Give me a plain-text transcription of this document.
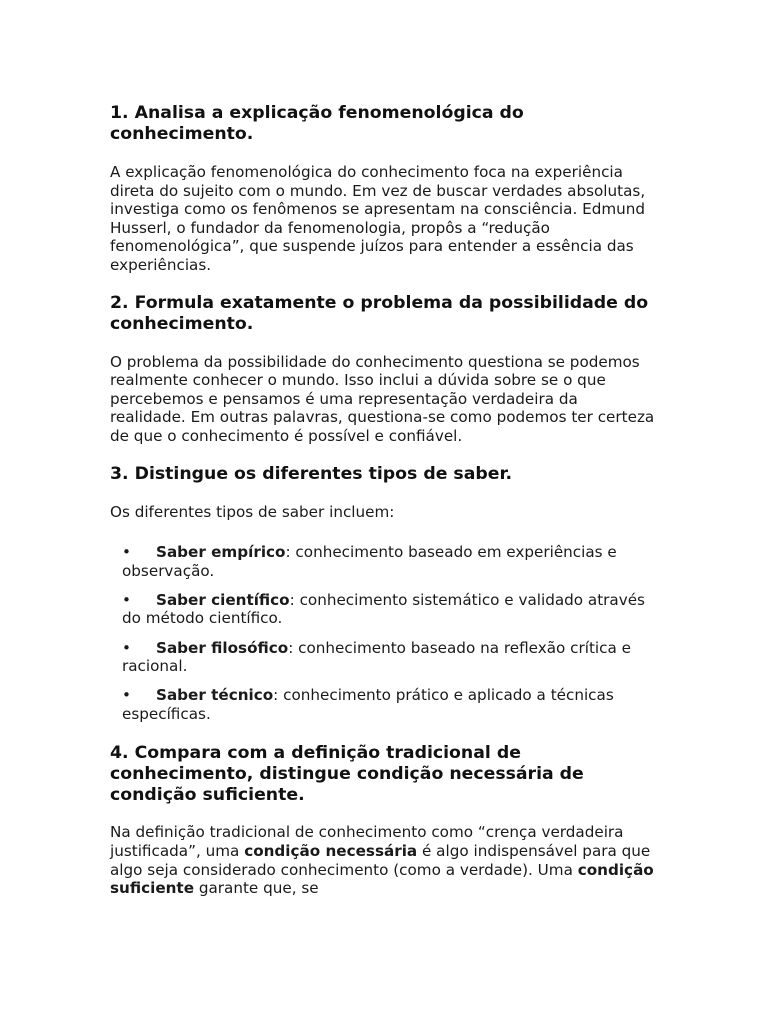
1. Analisa a explicação fenomenológica do conhecimento.

A explicação fenomenológica do conhecimento foca na experiência direta do sujeito com o mundo. Em vez de buscar verdades absolutas, investiga como os fenômenos se apresentam na consciência. Edmund Husserl, o fundador da fenomenologia, propôs a “redução fenomenológica”, que suspende juízos para entender a essência das experiências.

2. Formula exatamente o problema da possibilidade do conhecimento.

O problema da possibilidade do conhecimento questiona se podemos realmente conhecer o mundo. Isso inclui a dúvida sobre se o que percebemos e pensamos é uma representação verdadeira da realidade. Em outras palavras, questiona-se como podemos ter certeza de que o conhecimento é possível e confiável.

3. Distingue os diferentes tipos de saber.

Os diferentes tipos de saber incluem:

• Saber empírico: conhecimento baseado em experiências e observação.
• Saber científico: conhecimento sistemático e validado através do método científico.
• Saber filosófico: conhecimento baseado na reflexão crítica e racional.
• Saber técnico: conhecimento prático e aplicado a técnicas específicas.
4. Compara com a definição tradicional de conhecimento, distingue condição necessária de condição suficiente.

Na definição tradicional de conhecimento como “crença verdadeira justificada”, uma condição necessária é algo indispensável para que algo seja considerado conhecimento (como a verdade). Uma condição suficiente garante que, se
